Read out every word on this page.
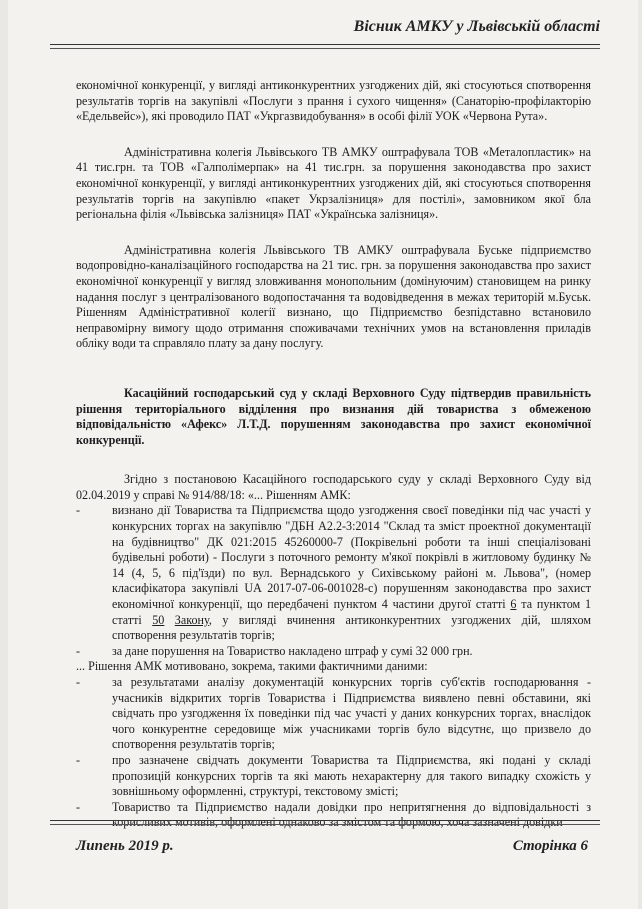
Вісник АМКУ у Львівській області

економічної конкуренції, у вигляді антиконкурентних узгоджених дій, які стосуються спотворення результатів торгів на закупівлі «Послуги з прання і сухого чищення» (Санаторію-профілакторію «Едельвейс»), які проводило ПАТ «Укргазвидобування» в особі філії УОК «Червона Рута».

Адміністративна колегія Львівського ТВ АМКУ оштрафувала ТОВ «Металопластик» на 41 тис.грн. та ТОВ «Галполімерпак» на 41 тис.грн. за порушення законодавства про захист економічної конкуренції, у вигляді антиконкурентних узгоджених дій, які стосуються спотворення результатів торгів на закупівлю «пакет Укрзалізниця» для постілі», замовником якої бла регіональна філія «Львівська залізниця» ПАТ «Українська залізниця».

Адміністративна колегія Львівського ТВ АМКУ оштрафувала Буське підприємство водопровідно-каналізаційного господарства на 21 тис. грн. за порушення законодавства про захист економічної конкуренції у вигляд зловживання монопольним (домінуючим) становищем на ринку надання послуг з централізованого водопостачання та водовідведення в межах територій м.Буськ. Рішенням Адміністративної колегії визнано, що Підприємство безпідставно встановило неправомірну вимогу щодо отримання споживачами технічних умов на встановлення приладів обліку води та справляло плату за дану послугу.

Касаційний господарський суд у складі Верховного Суду підтвердив правильність рішення територіального відділення про визнання дій товариства з обмеженою відповідальністю «Афекс» Л.Т.Д. порушенням законодавства про захист економічної конкуренції.

Згідно з постановою Касаційного господарського суду у складі Верховного Суду від 02.04.2019 у справі № 914/88/18: «... Рішенням АМК:

-	визнано дії Товариства та Підприємства щодо узгодження своєї поведінки під час участі у конкурсних торгах на закупівлю "ДБН А2.2-3:2014 "Склад та зміст проектної документації на будівництво" ДК 021:2015 45260000-7 (Покрівельні роботи та інші спеціалізовані будівельні роботи) - Послуги з поточного ремонту м'якої покрівлі в житловому будинку № 14 (4, 5, 6 під'їзди) по вул. Вернадського у Сихівському районі м. Львова", (номер класифікатора закупівлі UA 2017-07-06-001028-с) порушенням законодавства про захист економічної конкуренції, що передбачені пунктом 4 частини другої статті 6 та пунктом 1 статті 50 Закону, у вигляді вчинення антиконкурентних узгоджених дій, шляхом спотворення результатів торгів;

-	за дане порушення на Товариство накладено штраф у сумі 32 000 грн.

... Рішення АМК мотивовано, зокрема, такими фактичними даними:

-	за результатами аналізу документацій конкурсних торгів суб'єктів господарювання - учасників відкритих торгів Товариства і Підприємства виявлено певні обставини, які свідчать про узгодження їх поведінки під час участі у даних конкурсних торгах, внаслідок чого конкурентне середовище між учасниками торгів було відсутнє, що призвело до спотворення результатів торгів;

-	про зазначене свідчать документи Товариства та Підприємства, які подані у складі пропозицій конкурсних торгів та які мають нехарактерну для такого випадку схожість у зовнішньому оформленні, структурі, текстовому змісті;

-	Товариство та Підприємство надали довідки про непритягнення до відповідальності з корисливих мотивів, оформлені однаково за змістом та формою, хоча зазначені довідки

Липень 2019 р.	Сторінка 6
